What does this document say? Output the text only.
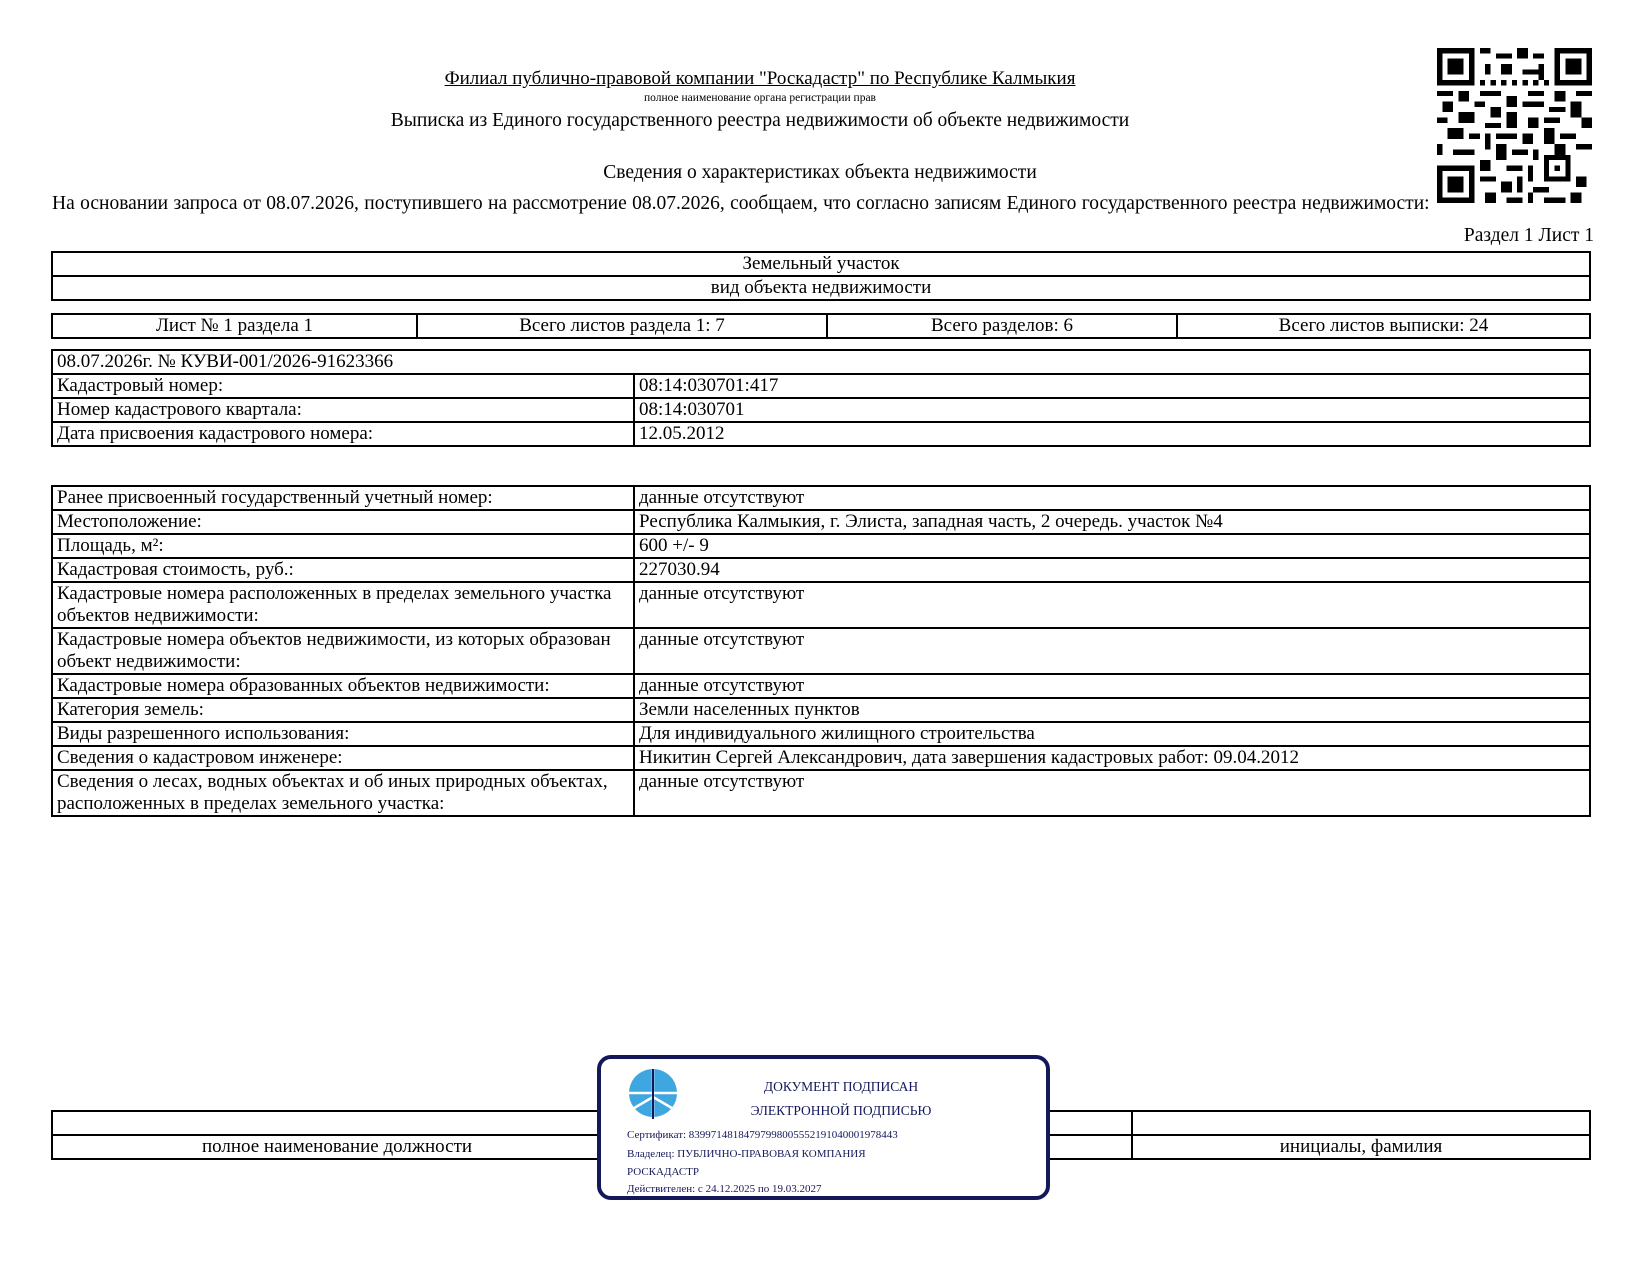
Филиал публично-правовой компании "Роскадастр" по Республике Калмыкия
полное наименование органа регистрации прав
Выписка из Единого государственного реестра недвижимости об объекте недвижимости
Сведения о характеристиках объекта недвижимости
На основании запроса от 08.07.2026, поступившего на рассмотрение 08.07.2026, сообщаем, что согласно записям Единого государственного реестра недвижимости:
Раздел 1 Лист 1
Земельный участок
вид объекта недвижимости
Лист № 1 раздела 1	Всего листов раздела 1: 7	Всего разделов: 6	Всего листов выписки: 24
08.07.2026г. № КУВИ-001/2026-91623366	
Кадастровый номер:	08:14:030701:417
Номер кадастрового квартала:	08:14:030701
Дата присвоения кадастрового номера:	12.05.2012
Ранее присвоенный государственный учетный номер:	данные отсутствуют
Местоположение:	Республика Калмыкия, г. Элиста, западная часть, 2 очередь. участок №4
Площадь, м²:	600 +/- 9
Кадастровая стоимость, руб.:	227030.94
Кадастровые номера расположенных в пределах земельного участка объектов недвижимости:	данные отсутствуют
Кадастровые номера объектов недвижимости, из которых образован объект недвижимости:	данные отсутствуют
Кадастровые номера образованных объектов недвижимости:	данные отсутствуют
Категория земель:	Земли населенных пунктов
Виды разрешенного использования:	Для индивидуального жилищного строительства
Сведения о кадастровом инженере:	Никитин Сергей Александрович, дата завершения кадастровых работ: 09.04.2012
Сведения о лесах, водных объектах и об иных природных объектах, расположенных в пределах земельного участка:	данные отсутствуют

полное наименование должности		инициалы, фамилия
ДОКУМЕНТ ПОДПИСАН
ЭЛЕКТРОННОЙ ПОДПИСЬЮ
Сертификат: 839971481847979980055521910400019784​43
Владелец: ПУБЛИЧНО-ПРАВОВАЯ КОМПАНИЯ
РОСКАДАСТР
Действителен: с 24.12.2025 по 19.03.2027
